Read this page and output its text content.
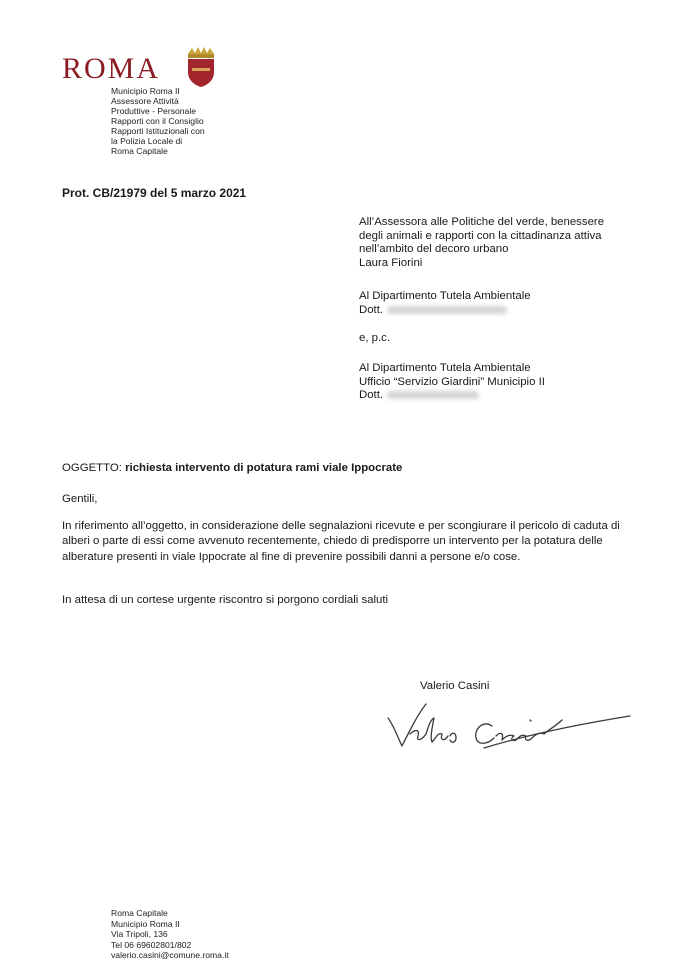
ROMA
Municipio Roma II
Assessore Attività
Produttive - Personale
Rapporti con il Consiglio
Rapporti Istituzionali con
la Polizia Locale di
Roma Capitale
Prot. CB/21979 del 5 marzo 2021
All’Assessora alle Politiche del verde, benessere
degli animali e rapporti con la cittadinanza attiva
nell’ambito del decoro urbano
Laura Fiorini
Al Dipartimento Tutela Ambientale
Dott.
e, p.c.
Al Dipartimento Tutela Ambientale
Ufficio “Servizio Giardini” Municipio II
Dott.
OGGETTO: richiesta intervento di potatura rami viale Ippocrate
Gentili,
In riferimento all’oggetto, in considerazione delle segnalazioni ricevute e per scongiurare il pericolo di caduta di alberi o parte di essi come avvenuto recentemente, chiedo di predisporre un intervento per la potatura delle alberature presenti in viale Ippocrate al fine di prevenire possibili danni a persone e/o cose.
In attesa di un cortese urgente riscontro si porgono cordiali saluti
Valerio Casini
Roma Capitale
Municipio Roma II
Via Tripoli, 136
Tel 06 69602801/802
valerio.casini@comune.roma.it
